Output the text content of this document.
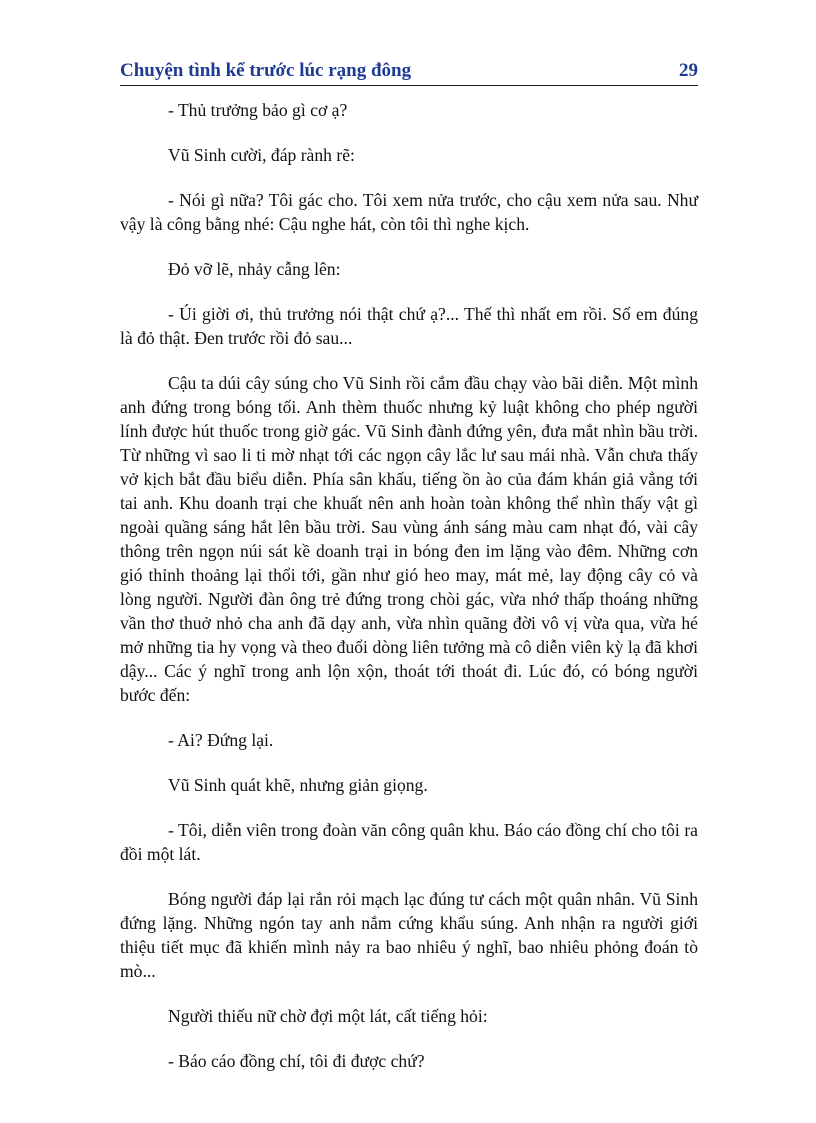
Chuyện tình kể trước lúc rạng đông	29

- Thủ trưởng bảo gì cơ ạ?

Vũ Sinh cười, đáp rành rẽ:

- Nói gì nữa? Tôi gác cho. Tôi xem nửa trước, cho cậu xem nửa sau. Như vậy là công bằng nhé: Cậu nghe hát, còn tôi thì nghe kịch.

Đỏ vỡ lẽ, nhảy cẫng lên:

- Úi giời ơi, thủ trưởng nói thật chứ ạ?... Thế thì nhất em rồi. Số em đúng là đỏ thật. Đen trước rồi đỏ sau...

Cậu ta dúi cây súng cho Vũ Sinh rồi cắm đầu chạy vào bãi diễn. Một mình anh đứng trong bóng tối. Anh thèm thuốc nhưng kỷ luật không cho phép người lính được hút thuốc trong giờ gác. Vũ Sinh đành đứng yên, đưa mắt nhìn bầu trời. Từ những vì sao li ti mờ nhạt tới các ngọn cây lắc lư sau mái nhà. Vẫn chưa thấy vở kịch bắt đầu biểu diễn. Phía sân khấu, tiếng ồn ào của đám khán giả vẳng tới tai anh. Khu doanh trại che khuất nên anh hoàn toàn không thể nhìn thấy vật gì ngoài quầng sáng hắt lên bầu trời. Sau vùng ánh sáng màu cam nhạt đó, vài cây thông trên ngọn núi sát kề doanh trại in bóng đen im lặng vào đêm. Những cơn gió thỉnh thoảng lại thổi tới, gần như gió heo may, mát mẻ, lay động cây cỏ và lòng người. Người đàn ông trẻ đứng trong chòi gác, vừa nhớ thấp thoáng những vần thơ thuở nhỏ cha anh đã dạy anh, vừa nhìn quãng đời vô vị vừa qua, vừa hé mở những tia hy vọng và theo đuổi dòng liên tưởng mà cô diễn viên kỳ lạ đã khơi dậy... Các ý nghĩ trong anh lộn xộn, thoát tới thoát đi. Lúc đó, có bóng người bước đến:

- Ai? Đứng lại.

Vũ Sinh quát khẽ, nhưng giản giọng.

- Tôi, diễn viên trong đoàn văn công quân khu. Báo cáo đồng chí cho tôi ra đồi một lát.

Bóng người đáp lại rắn rỏi mạch lạc đúng tư cách một quân nhân. Vũ Sinh đứng lặng. Những ngón tay anh nắm cứng khẩu súng. Anh nhận ra người giới thiệu tiết mục đã khiến mình nảy ra bao nhiêu ý nghĩ, bao nhiêu phỏng đoán tò mò...

Người thiếu nữ chờ đợi một lát, cất tiếng hỏi:

- Báo cáo đồng chí, tôi đi được chứ?
